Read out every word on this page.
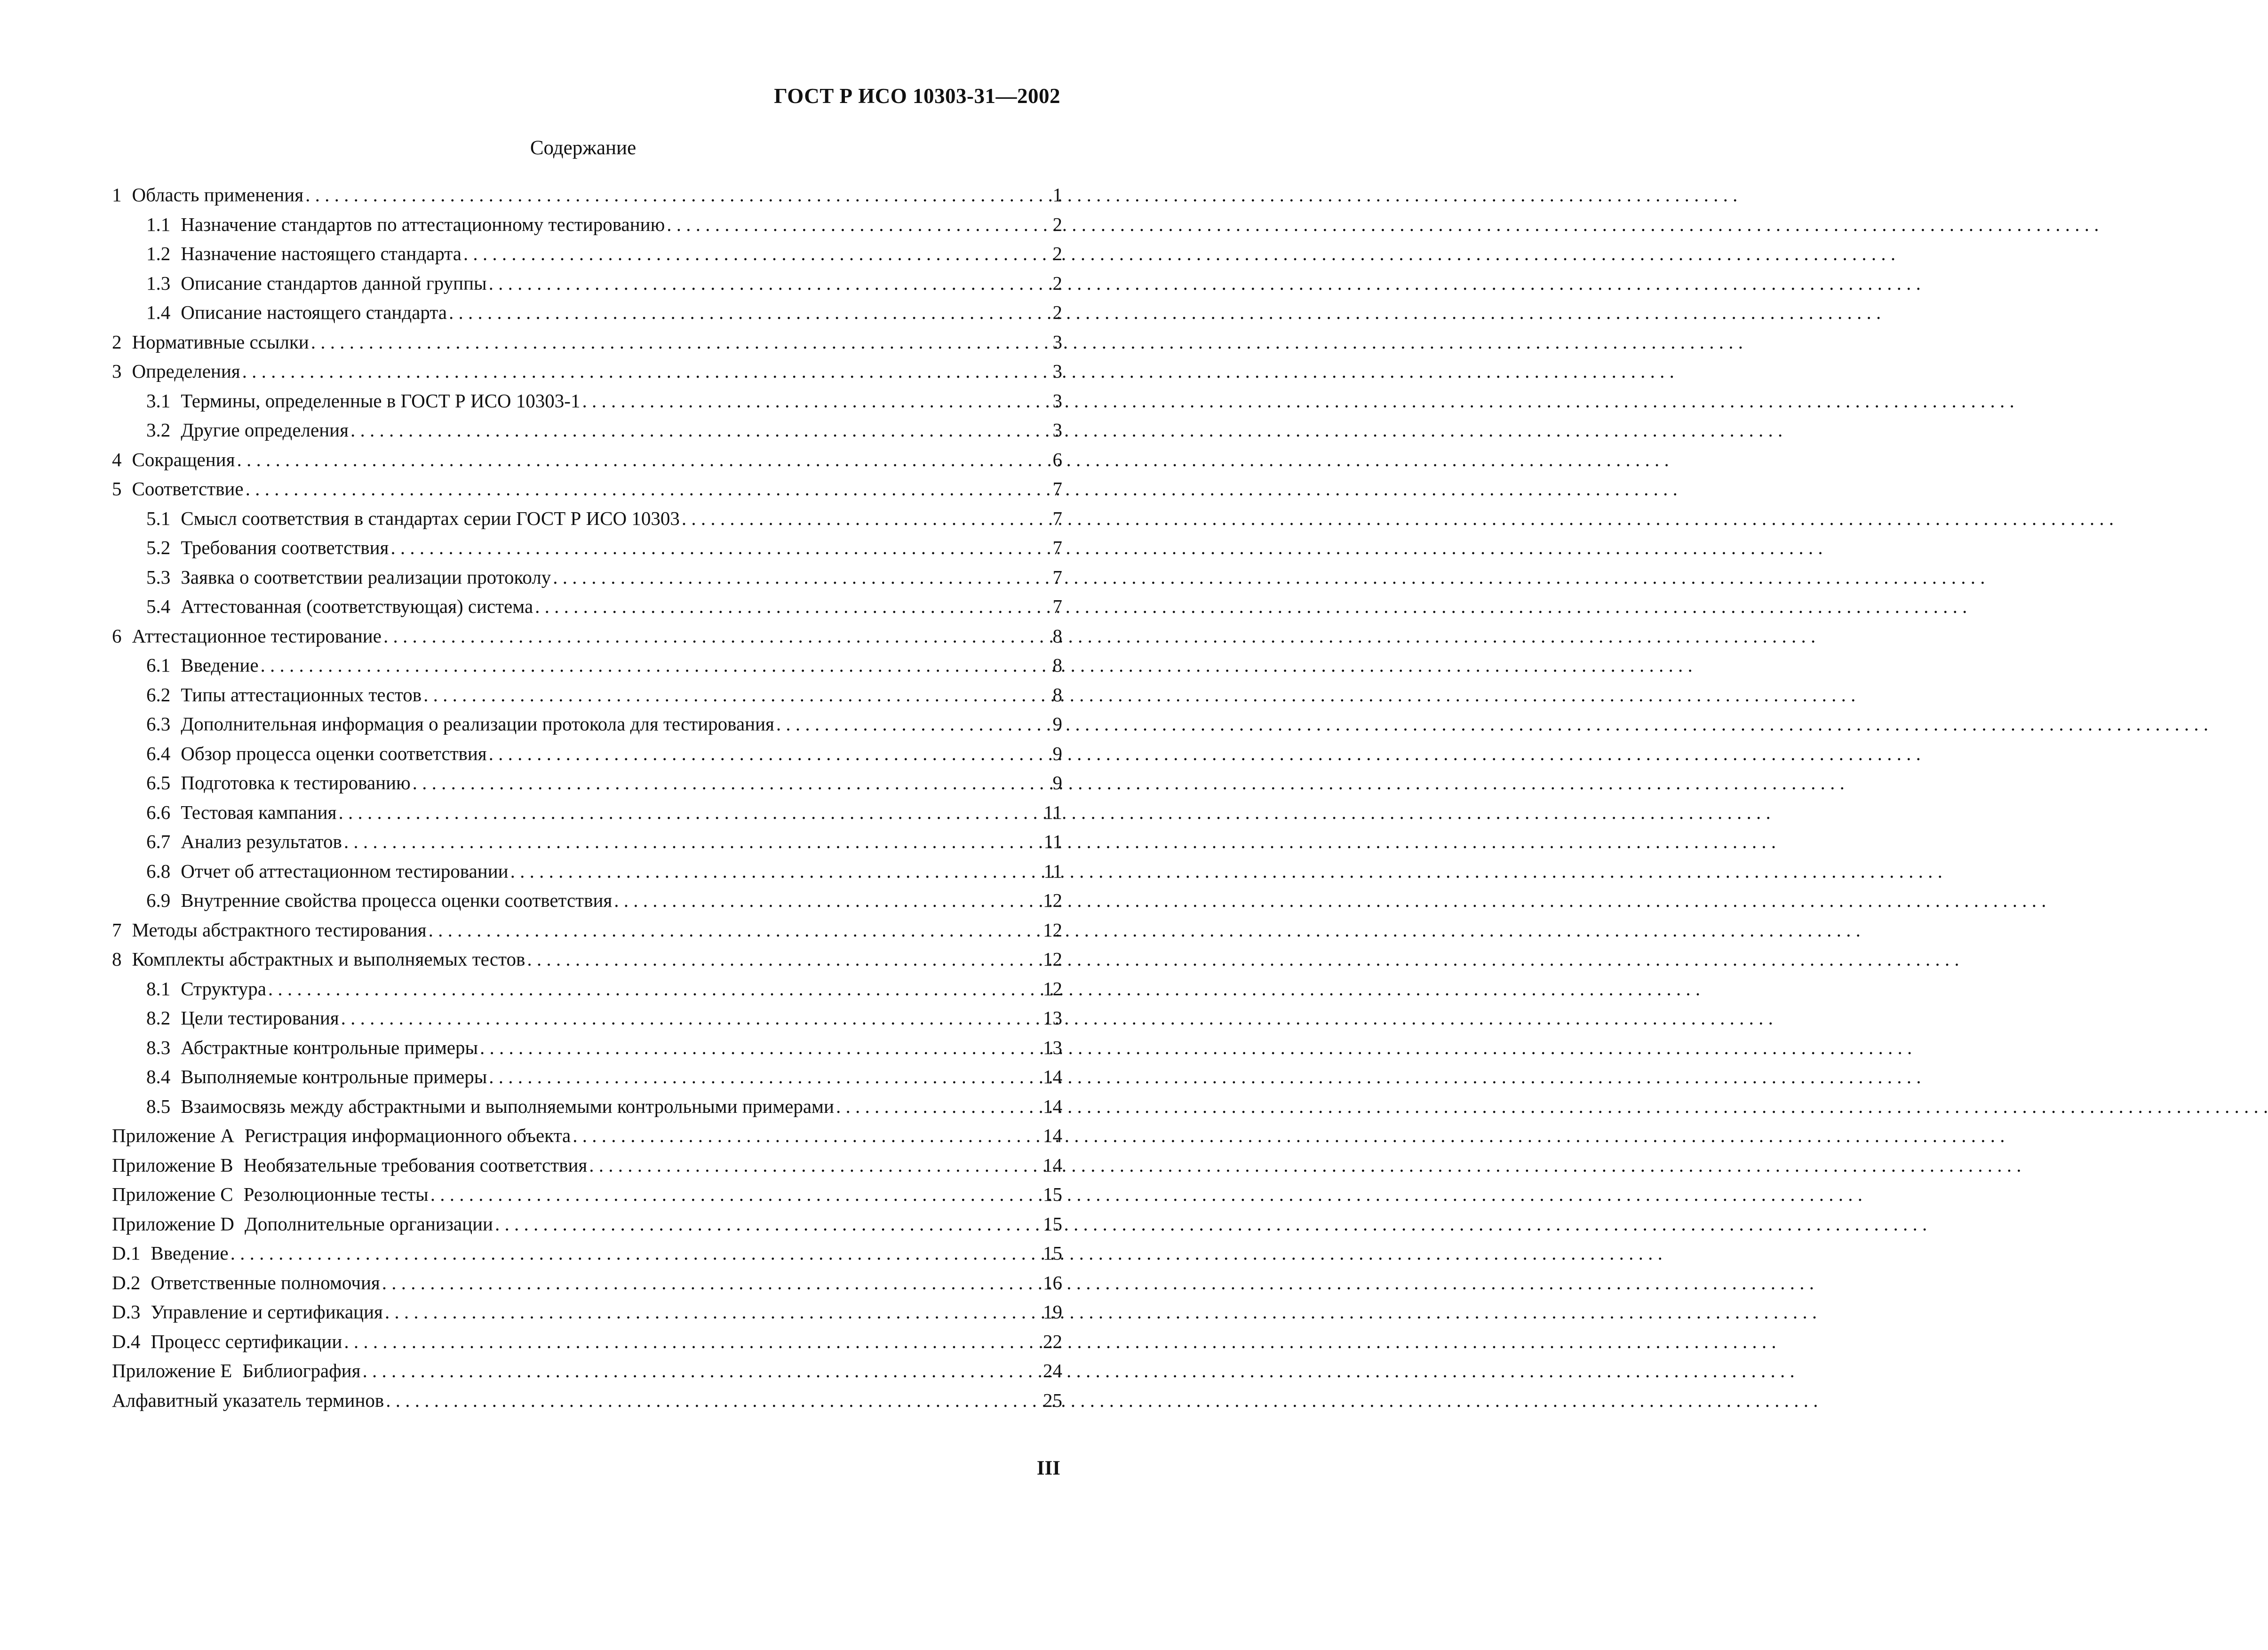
ГОСТ Р ИСО 10303-31—2002
Содержание
1 Область применения . . .	1
1.1 Назначение стандартов по аттестационному тестированию . . .	2
1.2 Назначение настоящего стандарта . . .	2
1.3 Описание стандартов данной группы . . .	2
1.4 Описание настоящего стандарта . . .	2
2 Нормативные ссылки . . .	3
3 Определения . . .	3
3.1 Термины, определенные в ГОСТ Р ИСО 10303-1 . . .	3
3.2 Другие определения . . .	3
4 Сокращения . . .	6
5 Соответствие . . .	7
5.1 Смысл соответствия в стандартах серии ГОСТ Р ИСО 10303 . . .	7
5.2 Требования соответствия . . .	7
5.3 Заявка о соответствии реализации протоколу . . .	7
5.4 Аттестованная (соответствующая) система . . .	7
6 Аттестационное тестирование . . .	8
6.1 Введение . . .	8
6.2 Типы аттестационных тестов . . .	8
6.3 Дополнительная информация о реализации протокола для тестирования . . .	9
6.4 Обзор процесса оценки соответствия . . .	9
6.5 Подготовка к тестированию . . .	9
6.6 Тестовая кампания . . .	11
6.7 Анализ результатов . . .	11
6.8 Отчет об аттестационном тестировании . . .	11
6.9 Внутренние свойства процесса оценки соответствия . . .	12
7 Методы абстрактного тестирования . . .	12
8 Комплекты абстрактных и выполняемых тестов . . .	12
8.1 Структура . . .	12
8.2 Цели тестирования . . .	13
8.3 Абстрактные контрольные примеры . . .	13
8.4 Выполняемые контрольные примеры . . .	14
8.5 Взаимосвязь между абстрактными и выполняемыми контрольными примерами . . .	14
Приложение А Регистрация информационного объекта . . .	14
Приложение В Необязательные требования соответствия . . .	14
Приложение С Резолюционные тесты . . .	15
Приложение D Дополнительные организации . . .	15
D.1 Введение . . .	15
D.2 Ответственные полномочия . . .	16
D.3 Управление и сертификация . . .	19
D.4 Процесс сертификации . . .	22
Приложение Е Библиография . . .	24
Алфавитный указатель терминов . . .	25
III
